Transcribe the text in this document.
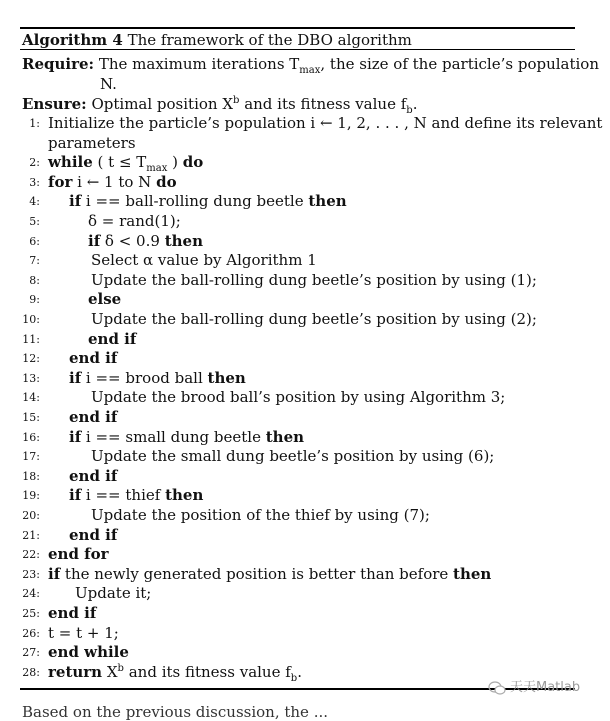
Algorithm 4 The framework of the DBO algorithm
Require: The maximum iterations $T_{max}$, the size of the particle’s population
N.
Ensure: Optimal position $X^b$ and its fitness value $f_b$.
1: Initialize the particle’s population i ← 1, 2, . . . , N and define its relevant
parameters
2: while ( $t \le T_{max}$ ) do
3: for i ← 1 to N do
4: if i == ball-rolling dung beetle then
5:	δ = rand(1);
6:	if δ < 0.9 then
7:	Select α value by Algorithm 1
8:	Update the ball-rolling dung beetle’s position by using (1);
9:	else
10:	Update the ball-rolling dung beetle’s position by using (2);
11:	end if
12: end if
13: if i == brood ball then
14:	Update the brood ball’s position by using Algorithm 3;
15: end if
16: if i == small dung beetle then
17:	Update the small dung beetle’s position by using (6);
18: end if
19: if i == thief then
20:	Update the position of the thief by using (7);
21: end if
22: end for
23: if the newly generated position is better than before then
24: Update it;
25: end if
26: t = t + 1;
27: end while
28: return $X^b$ and its fitness value $f_b$.
天天Matlab
Based on the previous discussion, the ...
